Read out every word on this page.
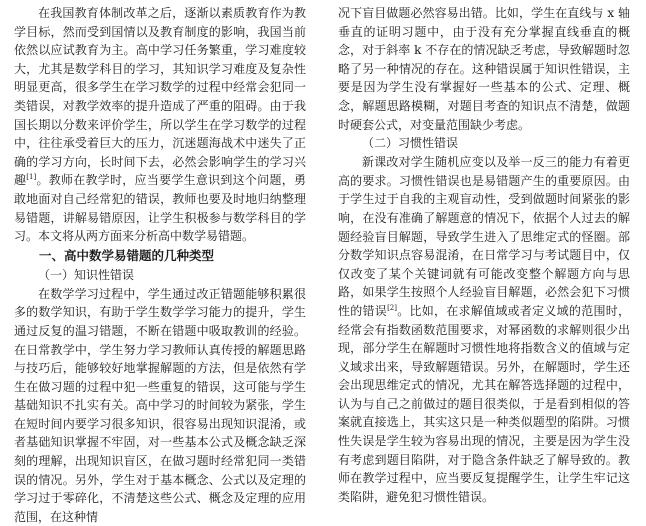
在我国教育体制改革之后，逐渐以素质教育作为教学目标，然而受到国情以及教育制度的影响，我国当前依然以应试教育为主。高中学习任务繁重，学习难度较大，尤其是数学科目的学习，其知识学习难度及复杂性明显更高，很多学生在学习数学的过程中经常会犯同一类错误，对教学效率的提升造成了严重的阻碍。由于我国长期以分数来评价学生，所以学生在学习数学的过程中，往往承受着巨大的压力，沉迷题海战术中迷失了正确的学习方向，长时间下去，必然会影响学生的学习兴趣[1]。教师在教学时，应当要学生意识到这个问题，勇敢地面对自己经常犯的错误，教师也要及时地归纳整理易错题，讲解易错原因，让学生积极参与数学科目的学习。本文将从两方面来分析高中数学易错题。

一、高中数学易错题的几种类型
（一）知识性错误

在数学学习过程中，学生通过改正错题能够积累很多的数学知识，有助于学生数学学习能力的提升，学生通过反复的温习错题，不断在错题中吸取教训的经验。在日常教学中，学生努力学习教师认真传授的解题思路与技巧后，能够较好地掌握解题的方法，但是依然有学生在做习题的过程中犯一些重复的错误，这可能与学生基础知识不扎实有关。高中学习的时间较为紧张，学生在短时间内要学习很多知识，很容易出现知识混淆，或者基础知识掌握不牢固，对一些基本公式及概念缺乏深刻的理解，出现知识盲区，在做习题时经常犯同一类错误的情况。另外，学生对于基本概念、公式以及定理的学习过于零碎化，不清楚这些公式、概念及定理的应用范围，在这种情

况下盲目做题必然容易出错。比如，学生在直线与 x 轴垂直的证明习题中，由于没有充分掌握直线垂直的概念，对于斜率 k 不存在的情况缺乏考虑，导致解题时忽略了另一种情况的存在。这种错误属于知识性错误，主要是因为学生没有掌握好一些基本的公式、定理、概念，解题思路模糊，对题目考查的知识点不清楚，做题时硬套公式，对变量范围缺少考虑。

（二）习惯性错误

新课改对学生随机应变以及举一反三的能力有着更高的要求。习惯性错误也是易错题产生的重要原因。由于学生过于自我的主观盲动性，受到做题时间紧张的影响，在没有准确了解题意的情况下，依据个人过去的解题经验盲目解题，导致学生进入了思维定式的怪圈。部分数学知识点容易混淆，在日常学习与考试题目中，仅仅改变了某个关键词就有可能改变整个解题方向与思路，如果学生按照个人经验盲目解题，必然会犯下习惯性的错误[2]。比如，在求解值域或者定义域的范围时，经常会有指数函数范围要求，对幂函数的求解则很少出现，部分学生在解题时习惯性地将指数含义的值域与定义域求出来，导致解题错误。另外，在解题时，学生还会出现思维定式的情况，尤其在解答选择题的过程中，认为与自己之前做过的题目很类似，于是看到相似的答案就直接选上，其实这只是一种类似题型的陷阱。习惯性失误是学生较为容易出现的情况，主要是因为学生没有考虑到题目陷阱，对于隐含条件缺乏了解导致的。教师在教学过程中，应当要反复提醒学生，让学生牢记这类陷阱，避免犯习惯性错误。
